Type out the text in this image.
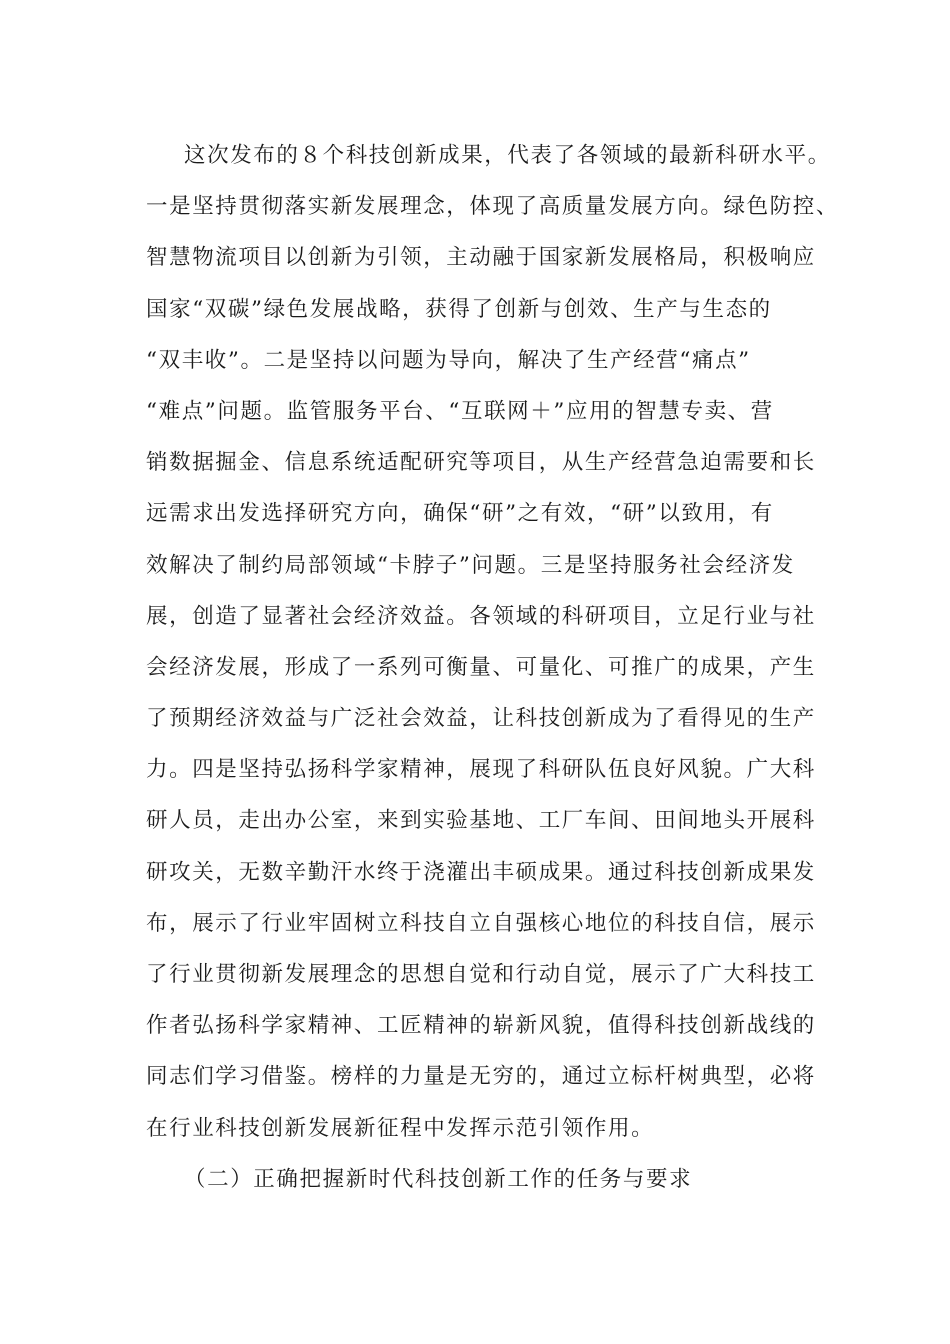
这次发布的８个科技创新成果，代表了各领域的最新科研水平。
一是坚持贯彻落实新发展理念，体现了高质量发展方向。绿色防控、
智慧物流项目以创新为引领，主动融于国家新发展格局，积极响应
国家“双碳”绿色发展战略，获得了创新与创效、生产与生态的
“双丰收”。二是坚持以问题为导向，解决了生产经营“痛点”
“难点”问题。监管服务平台、“互联网＋”应用的智慧专卖、营
销数据掘金、信息系统适配研究等项目，从生产经营急迫需要和长
远需求出发选择研究方向，确保“研”之有效，“研”以致用，有
效解决了制约局部领域“卡脖子”问题。三是坚持服务社会经济发
展，创造了显著社会经济效益。各领域的科研项目，立足行业与社
会经济发展，形成了一系列可衡量、可量化、可推广的成果，产生
了预期经济效益与广泛社会效益，让科技创新成为了看得见的生产
力。四是坚持弘扬科学家精神，展现了科研队伍良好风貌。广大科
研人员，走出办公室，来到实验基地、工厂车间、田间地头开展科
研攻关，无数辛勤汗水终于浇灌出丰硕成果。通过科技创新成果发
布，展示了行业牢固树立科技自立自强核心地位的科技自信，展示
了行业贯彻新发展理念的思想自觉和行动自觉，展示了广大科技工
作者弘扬科学家精神、工匠精神的崭新风貌，值得科技创新战线的
同志们学习借鉴。榜样的力量是无穷的，通过立标杆树典型，必将
在行业科技创新发展新征程中发挥示范引领作用。
（二）正确把握新时代科技创新工作的任务与要求
